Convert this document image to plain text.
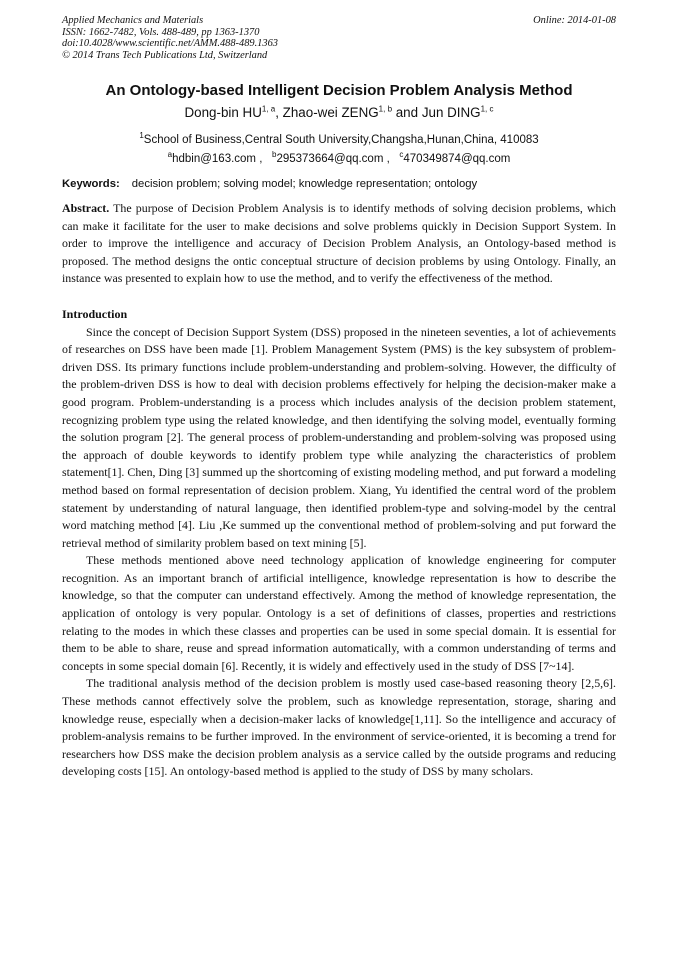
Applied Mechanics and Materials
ISSN: 1662-7482, Vols. 488-489, pp 1363-1370
doi:10.4028/www.scientific.net/AMM.488-489.1363
© 2014 Trans Tech Publications Ltd, Switzerland
Online: 2014-01-08
An Ontology-based Intelligent Decision Problem Analysis Method
Dong-bin HU$^{1, a}$, Zhao-wei ZENG$^{1, b}$ and Jun DING$^{1, c}$
$^1$School of Business,Central South University,Changsha,Hunan,China, 410083
$^a$hdbin@163.com ,   $^b$295373664@qq.com ,   $^c$470349874@qq.com
Keywords: decision problem; solving model; knowledge representation; ontology

Abstract. The purpose of Decision Problem Analysis is to identify methods of solving decision problems, which can make it facilitate for the user to make decisions and solve problems quickly in Decision Support System. In order to improve the intelligence and accuracy of Decision Problem Analysis, an Ontology-based method is proposed. The method designs the ontic conceptual structure of decision problems by using Ontology. Finally, an instance was presented to explain how to use the method, and to verify the effectiveness of the method.

Introduction

Since the concept of Decision Support System (DSS) proposed in the nineteen seventies, a lot of achievements of researches on DSS have been made [1]. Problem Management System (PMS) is the key subsystem of problem-driven DSS. Its primary functions include problem-understanding and problem-solving. However, the difficulty of the problem-driven DSS is how to deal with decision problems effectively for helping the decision-maker make a good program. Problem-understanding is a process which includes analysis of the decision problem statement, recognizing problem type using the related knowledge, and then identifying the solving model, eventually forming the solution program [2]. The general process of problem-understanding and problem-solving was proposed using the approach of double keywords to identify problem type while analyzing the characteristics of problem statement[1]. Chen, Ding [3] summed up the shortcoming of existing modeling method, and put forward a modeling method based on formal representation of decision problem. Xiang, Yu identified the central word of the problem statement by understanding of natural language, then identified problem-type and solving-model by the central word matching method [4]. Liu ,Ke summed up the conventional method of problem-solving and put forward the retrieval method of similarity problem based on text mining [5].

These methods mentioned above need technology application of knowledge engineering for computer recognition. As an important branch of artificial intelligence, knowledge representation is how to describe the knowledge, so that the computer can understand effectively. Among the method of knowledge representation, the application of ontology is very popular. Ontology is a set of definitions of classes, properties and restrictions relating to the modes in which these classes and properties can be used in some special domain. It is essential for them to be able to share, reuse and spread information automatically, with a common understanding of terms and concepts in some special domain [6]. Recently, it is widely and effectively used in the study of DSS [7~14].

The traditional analysis method of the decision problem is mostly used case-based reasoning theory [2,5,6]. These methods cannot effectively solve the problem, such as knowledge representation, storage, sharing and knowledge reuse, especially when a decision-maker lacks of knowledge[1,11]. So the intelligence and accuracy of problem-analysis remains to be further improved. In the environment of service-oriented, it is becoming a trend for researchers how DSS make the decision problem analysis as a service called by the outside programs and reducing developing costs [15]. An ontology-based method is applied to the study of DSS by many scholars.
